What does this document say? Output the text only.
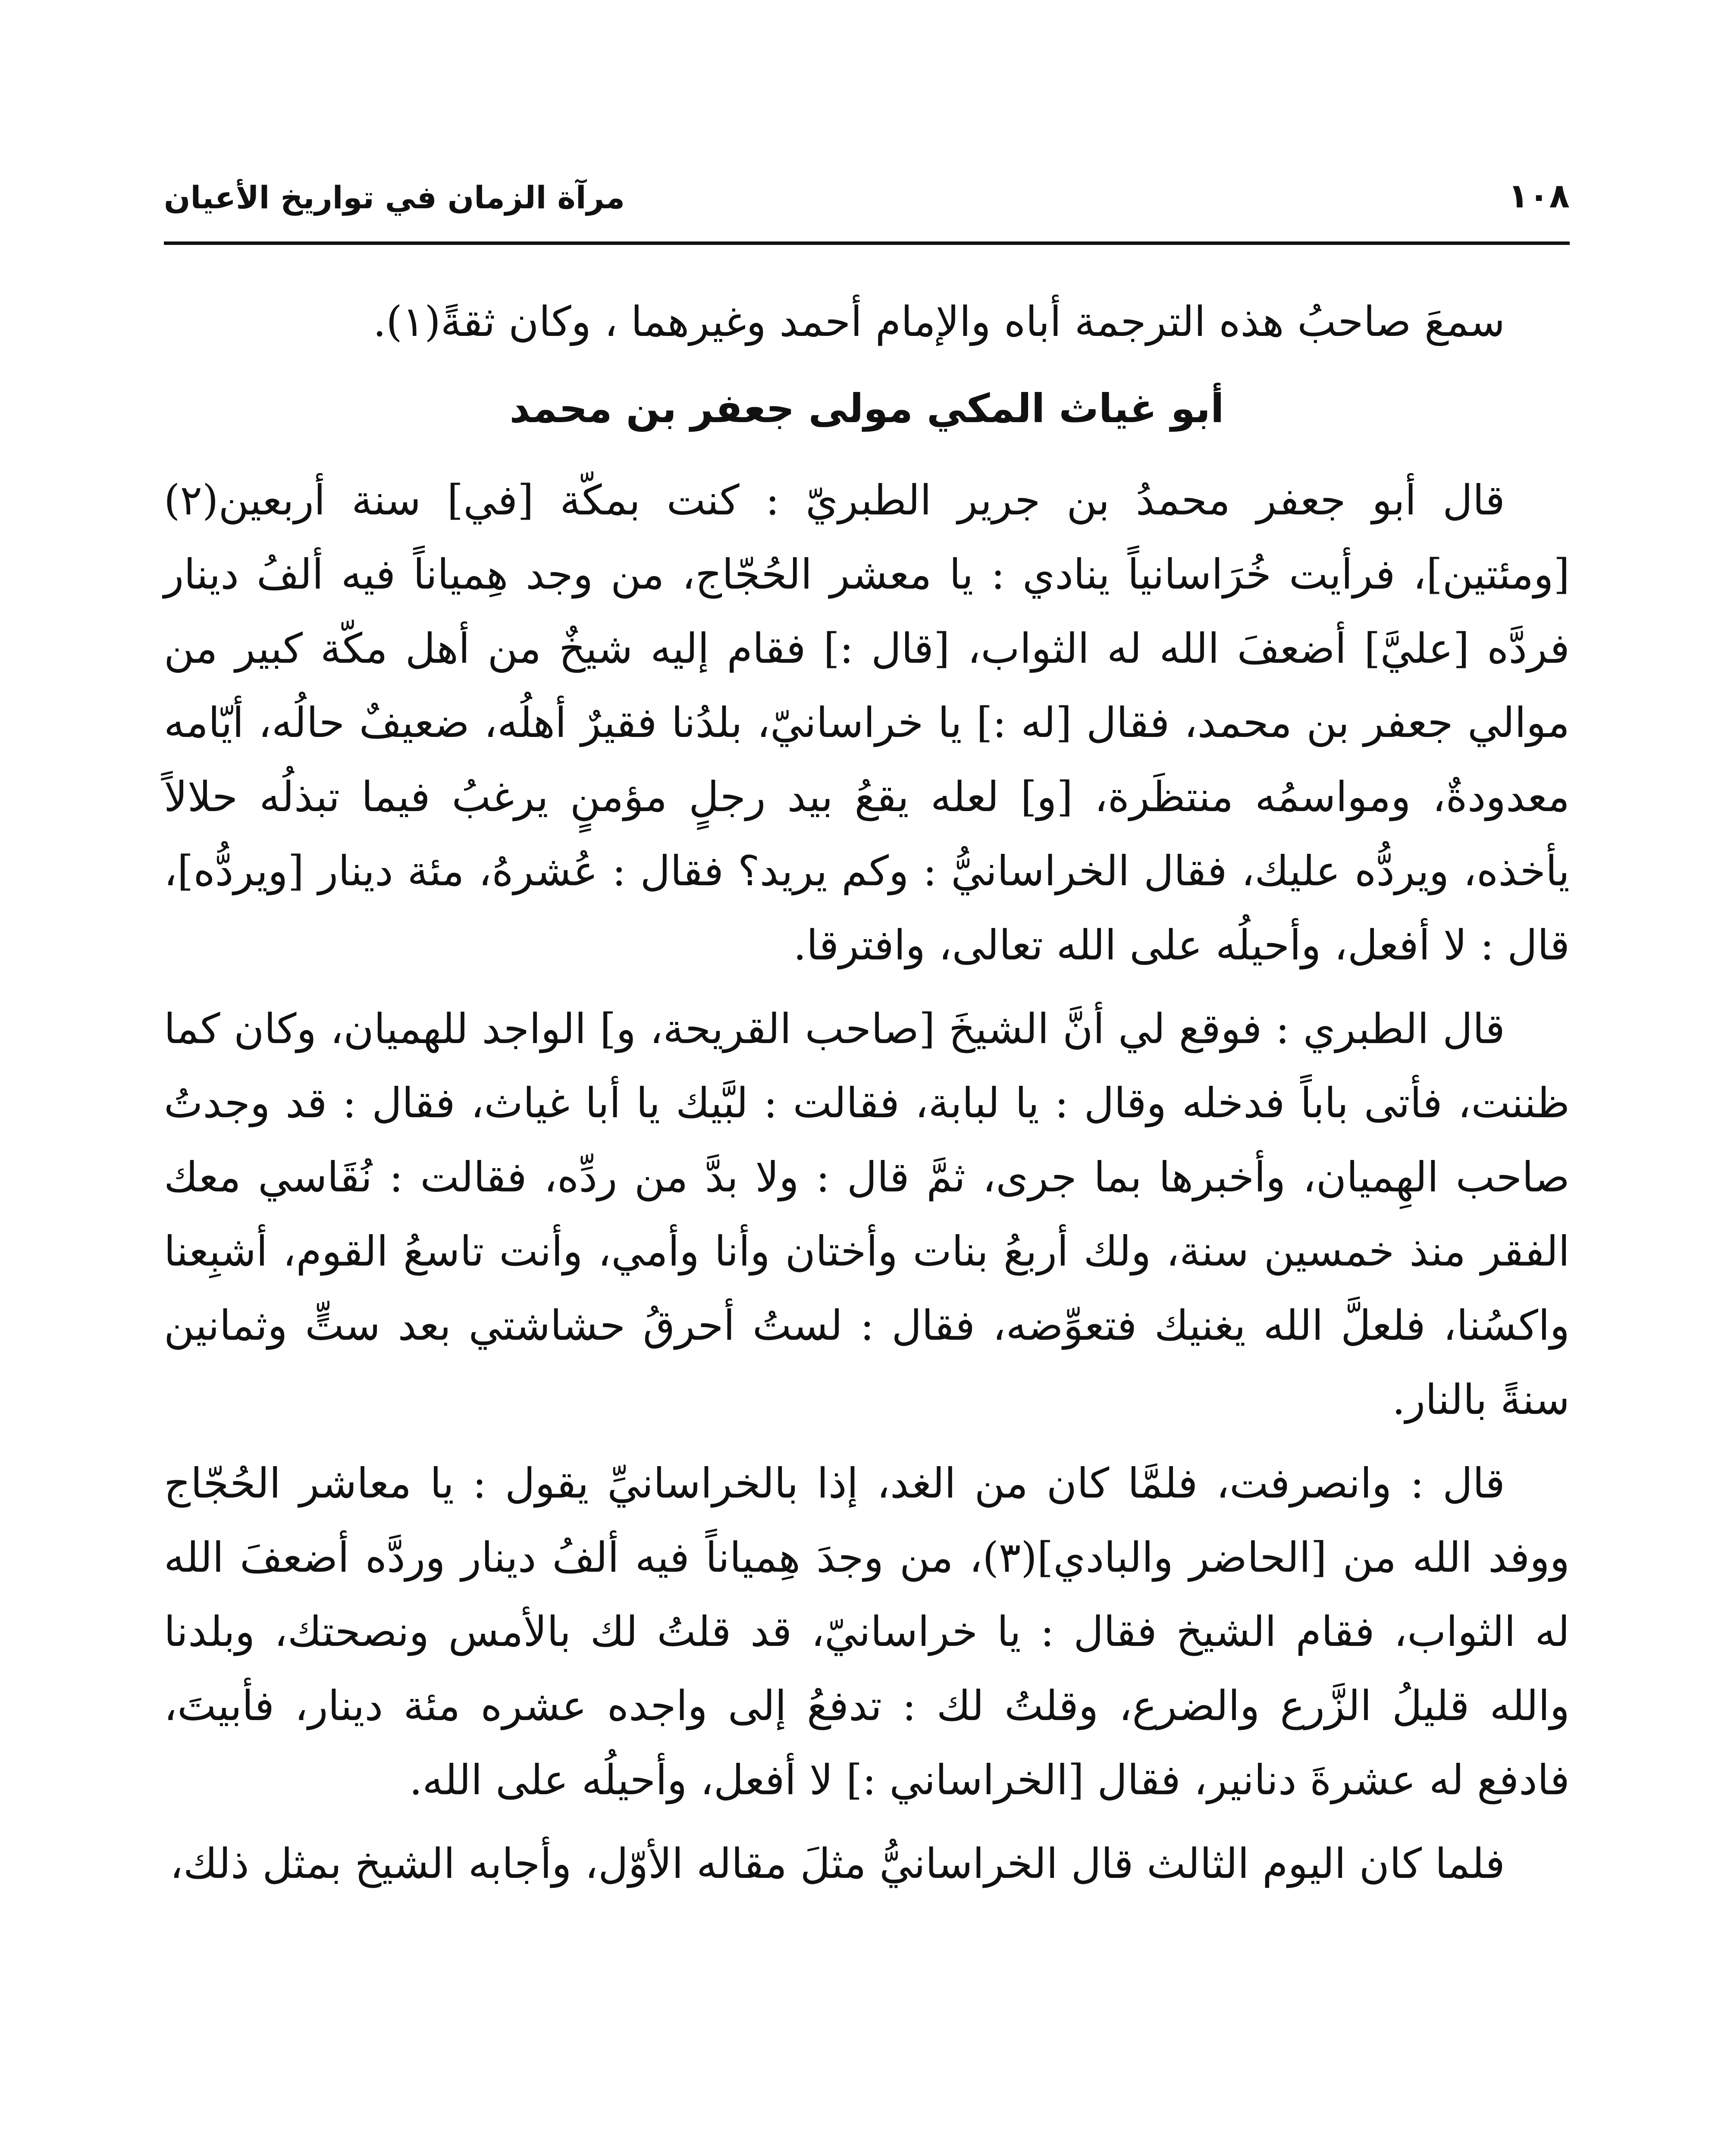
١٠٨
مرآة الزمان في تواريخ الأعيان

سمعَ صاحبُ هذه الترجمة أباه والإمام أحمد وغيرهما ، وكان ثقةً(١).

أبو غياث المكي مولى جعفر بن محمد

قال أبو جعفر محمدُ بن جرير الطبريّ : كنت بمكّة [في] سنة أربعين(٢) [ومئتين]، فرأيت خُرَاسانياً ينادي : يا معشر الحُجّاج، من وجد هِمياناً فيه ألفُ دينار فردَّه [عليَّ] أضعفَ الله له الثواب، [قال :] فقام إليه شيخٌ من أهل مكّة كبير من موالي جعفر بن محمد، فقال [له :] يا خراسانيّ، بلدُنا فقيرٌ أهلُه، ضعيفٌ حالُه، أيّامه معدودةٌ، ومواسمُه منتظَرة، [و] لعله يقعُ بيد رجلٍ مؤمنٍ يرغبُ فيما تبذلُه حلالاً يأخذه، ويردُّه عليك، فقال الخراسانيُّ : وكم يريد؟ فقال : عُشرهُ، مئة دينار [ويردُّه]، قال : لا أفعل، وأحيلُه على الله تعالى، وافترقا.

قال الطبري : فوقع لي أنَّ الشيخَ [صاحب القريحة، و] الواجد للهميان، وكان كما ظننت، فأتى باباً فدخله وقال : يا لبابة، فقالت : لبَّيك يا أبا غياث، فقال : قد وجدتُ صاحب الهِميان، وأخبرها بما جرى، ثمَّ قال : ولا بدَّ من ردِّه، فقالت : نُقَاسي معك الفقر منذ خمسين سنة، ولك أربعُ بنات وأختان وأنا وأمي، وأنت تاسعُ القوم، أشبِعنا واكسُنا، فلعلَّ الله يغنيك فتعوِّضه، فقال : لستُ أحرقُ حشاشتي بعد ستٍّ وثمانين سنةً بالنار.

قال : وانصرفت، فلمَّا كان من الغد، إذا بالخراسانيِّ يقول : يا معاشر الحُجّاج ووفد الله من [الحاضر والبادي](٣)، من وجدَ هِمياناً فيه ألفُ دينار وردَّه أضعفَ الله له الثواب، فقام الشيخ فقال : يا خراسانيّ، قد قلتُ لك بالأمس ونصحتك، وبلدنا والله قليلُ الزَّرع والضرع، وقلتُ لك : تدفعُ إلى واجده عشره مئة دينار، فأبيتَ، فادفع له عشرةَ دنانير، فقال [الخراساني :] لا أفعل، وأحيلُه على الله.

فلما كان اليوم الثالث قال الخراسانيُّ مثلَ مقاله الأوّل، وأجابه الشيخ بمثل ذلك،
